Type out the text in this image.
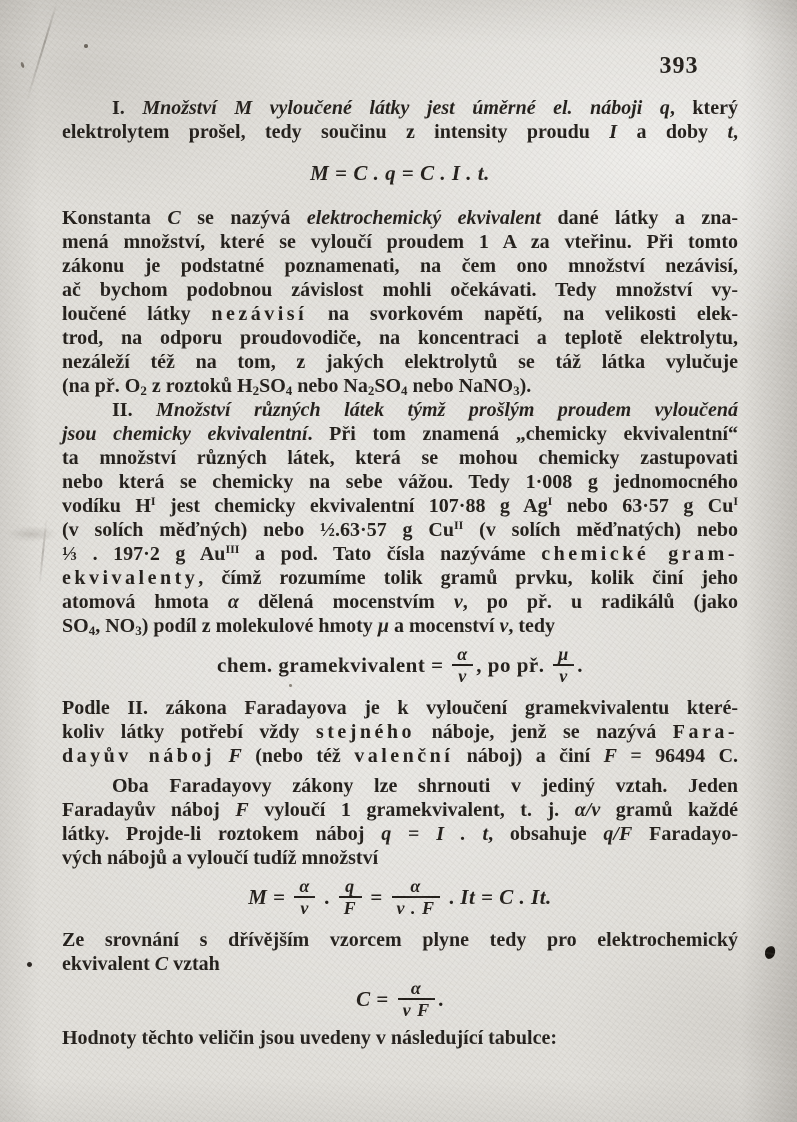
393
I. Množství M vyloučené látky jest úměrné el. náboji q, který
elektrolytem prošel, tedy součinu z intensity proudu I a doby t,
M = C . q = C . I . t.
Konstanta C se nazývá elektrochemický ekvivalent dané látky a zna-
mená množství, které se vyloučí proudem 1 A za vteřinu. Při tomto
zákonu je podstatné poznamenati, na čem ono množství nezávisí,
ač bychom podobnou závislost mohli očekávati. Tedy množství vy-
loučené látky nezávisí na svorkovém napětí, na velikosti elek-
trod, na odporu proudovodiče, na koncentraci a teplotě elektrolytu,
nezáleží též na tom, z jakých elektrolytů se táž látka vylučuje
(na př. $O_2$ z roztoků $H_2SO_4$ nebo $Na_2SO_4$ nebo NaNO$_3$).
II. Množství různých látek týmž prošlým proudem vyloučená
jsou chemicky ekvivalentní. Při tom znamená „chemicky ekvivalentní“
ta množství různých látek, která se mohou chemicky zastupovati
nebo která se chemicky na sebe vážou. Tedy 1·008 g jednomocného
vodíku $H^I$ jest chemicky ekvivalentní 107·88 g $Ag^I$ nebo 63·57 g $Cu^I$
(v solích měďných) nebo ½.63·57 g $Cu^{II}$ (v solích měďnatých) nebo
⅓ . 197·2 g $Au^{III}$ a pod. Tato čísla nazýváme chemické gram-
ekvivalenty, čímž rozumíme tolik gramů prvku, kolik činí jeho
atomová hmota α dělená mocenstvím v, po př. u radikálů (jako
$SO_4$, $NO_3$) podíl z molekulové hmoty μ a mocenství v, tedy
chem. gramekvivalent = $\frac{\alpha}{v}$ , po př. $\frac{\mu}{v}$ .
Podle II. zákona Faradayova je k vyloučení gramekvivalentu které-
koliv látky potřebí vždy stejného náboje, jenž se nazývá Fara-
dayův náboj F (nebo též valenční náboj) a činí F = 96494 C.
Oba Faradayovy zákony lze shrnouti v jediný vztah. Jeden
Faradayův náboj F vyloučí 1 gramekvivalent, t. j. α/v gramů každé
látky. Projde-li roztokem náboj q = I . t, obsahuje q/F Faradayo-
vých nábojů a vyloučí tudíž množství
$M = \frac{\alpha}{v}$ . $\frac{q}{F} = \frac{\alpha}{v . F}$ . It = C . It.
Ze srovnání s dřívějším vzorcem plyne tedy pro elektrochemický
ekvivalent C vztah
$C = \frac{\alpha}{\text{v F}}$ .
Hodnoty těchto veličin jsou uvedeny v následující tabulce:
